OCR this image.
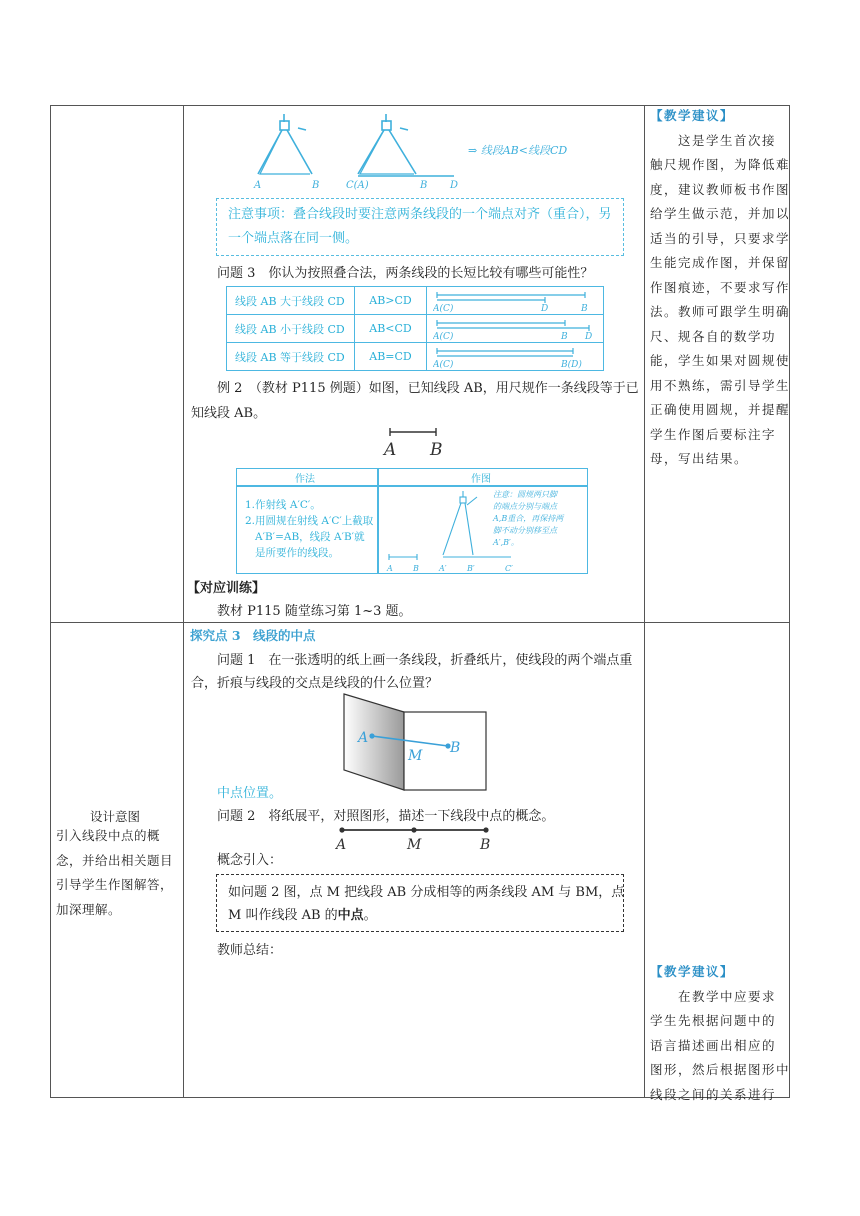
A	B	C(A)	B D
⇒ 线段AB<线段CD
注意事项：叠合线段时要注意两条线段的一个端点对齐（重合），另
一个端点落在同一侧。
问题 3　你认为按照叠合法，两条线段的长短比较有哪些可能性？
线段 AB 大于线段 CD	AB>CD	A(C) D B

线段 AB 小于线段 CD	AB<CD	A(C) B D

线段 AB 等于线段 CD	AB=CD	A(C) B(D)
例 2　（教材 P115 例题）如图，已知线段 AB，用尺规作一条线段等于已
知线段 AB。
A B
作法	作图
1.作射线 A′C′。
2.用圆规在射线 A′C′上截取
A′B′=AB，线段 A′B′就
是所要作的线段。
A	B	A′	B′	C′
注意：圆规两只脚
的端点分别与端点
A,B重合，再保持两
脚不动分别移至点
A′,B′。
【对应训练】
教材 P115 随堂练习第 1~3 题。
探究点 3　线段的中点
问题 1　在一张透明的纸上画一条线段，折叠纸片，使线段的两个端点重
合，折痕与线段的交点是线段的什么位置？
A
M B
中点位置。
问题 2　将纸展平，对照图形，描述一下线段中点的概念。
A	M	B
概念引入：
如问题 2 图，点 M 把线段 AB 分成相等的两条线段 AM 与 BM，点
M 叫作线段 AB 的中点。
教师总结：
设计意图
引入线段中点的概
念，并给出相关题目
引导学生作图解答，
加深理解。
【教学建议】
　　这是学生首次接
触尺规作图，为降低难
度，建议教师板书作图
给学生做示范，并加以
适当的引导，只要求学
生能完成作图，并保留
作图痕迹，不要求写作
法。教师可跟学生明确
尺、规各自的数学功
能，学生如果对圆规使
用不熟练，需引导学生
正确使用圆规，并提醒
学生作图后要标注字
母，写出结果。
【教学建议】
　　在教学中应要求
学生先根据问题中的
语言描述画出相应的
图形，然后根据图形中
线段之间的关系进行
